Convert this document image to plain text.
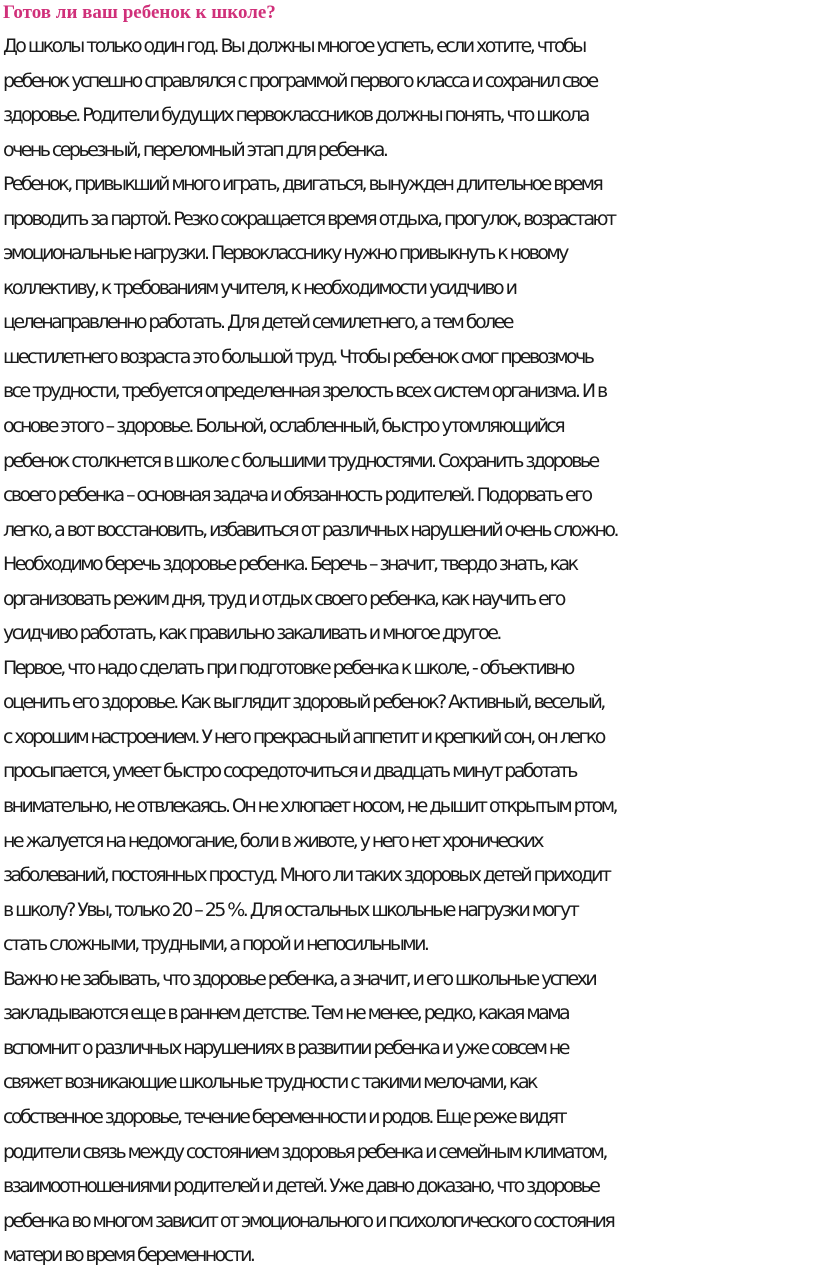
Готов ли ваш ребенок к школе?

До школы только один год. Вы должны многое успеть, если хотите, чтобы

ребенок успешно справлялся с программой первого класса и сохранил свое

здоровье. Родители будущих первоклассников должны понять, что школа

очень серьезный, переломный этап для ребенка.

Ребенок, привыкший много играть, двигаться, вынужден длительное время

проводить за партой. Резко сокращается время отдыха, прогулок, возрастают

эмоциональные нагрузки. Первокласснику нужно привыкнуть к новому

коллективу, к требованиям учителя, к необходимости усидчиво и

целенаправленно работать. Для детей семилетнего, а тем более

шестилетнего возраста это большой труд. Чтобы ребенок смог превозмочь

все трудности, требуется определенная зрелость всех систем организма. И в

основе этого – здоровье. Больной, ослабленный, быстро утомляющийся

ребенок столкнется в школе с большими трудностями. Сохранить здоровье

своего ребенка – основная задача и обязанность родителей. Подорвать его

легко, а вот восстановить, избавиться от различных нарушений очень сложно.

Необходимо беречь здоровье ребенка. Беречь – значит, твердо знать, как

организовать режим дня, труд и отдых своего ребенка, как научить его

усидчиво работать, как правильно закаливать и многое другое.

Первое, что надо сделать при подготовке ребенка к школе, - объективно

оценить его здоровье. Как выглядит здоровый ребенок? Активный, веселый,

с хорошим настроением. У него прекрасный аппетит и крепкий сон, он легко

просыпается, умеет быстро сосредоточиться и двадцать минут работать

внимательно, не отвлекаясь. Он не хлюпает носом, не дышит открытым ртом,

не жалуется на недомогание, боли в животе, у него нет хронических

заболеваний, постоянных простуд. Много ли таких здоровых детей приходит

в школу? Увы, только 20 – 25 %. Для остальных школьные нагрузки могут

стать сложными, трудными, а порой и непосильными.

Важно не забывать, что здоровье ребенка, а значит, и его школьные успехи

закладываются еще в раннем детстве. Тем не менее, редко, какая мама

вспомнит о различных нарушениях в развитии ребенка и уже совсем не

свяжет возникающие школьные трудности с такими мелочами, как

собственное здоровье, течение беременности и родов. Еще реже видят

родители связь между состоянием здоровья ребенка и семейным климатом,

взаимоотношениями родителей и детей. Уже давно доказано, что здоровье

ребенка во многом зависит от эмоционального и психологического состояния

матери во время беременности.
